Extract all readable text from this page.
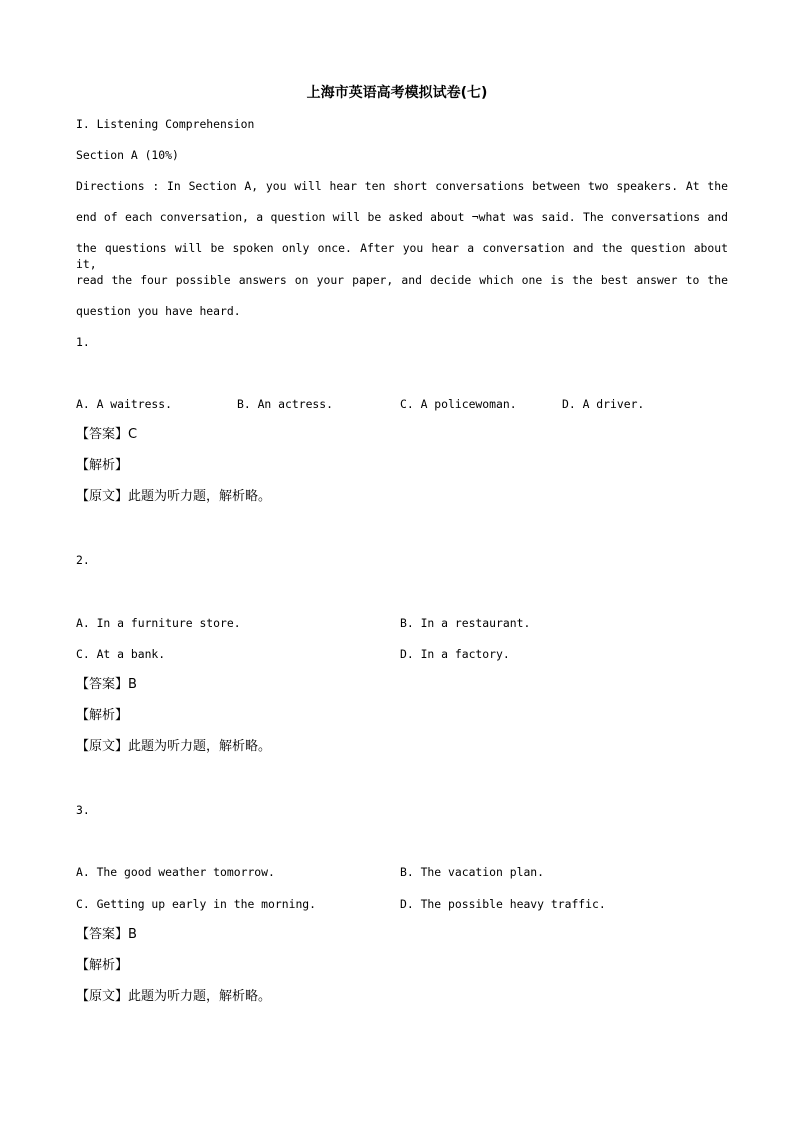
上海市英语高考模拟试卷(七)
I. Listening Comprehension
Section A (10%)
Directions : In Section A, you will hear ten short conversations between two speakers. At the
end of each conversation, a question will be asked about ¬what was said. The conversations and
the questions will be spoken only once. After you hear a conversation and the question about it,
read the four possible answers on your paper, and decide which one is the best answer to the
question you have heard.
1.
A. A waitress.	B. An actress.	C. A policewoman.	D. A driver.
【答案】C
【解析】
【原文】此题为听力题，解析略。
2.
A. In a furniture store.	B. In a restaurant.
C. At a bank.	D. In a factory.
【答案】B
【解析】
【原文】此题为听力题，解析略。
3.
A. The good weather tomorrow.	B. The vacation plan.
C. Getting up early in the morning.	D. The possible heavy traffic.
【答案】B
【解析】
【原文】此题为听力题，解析略。
